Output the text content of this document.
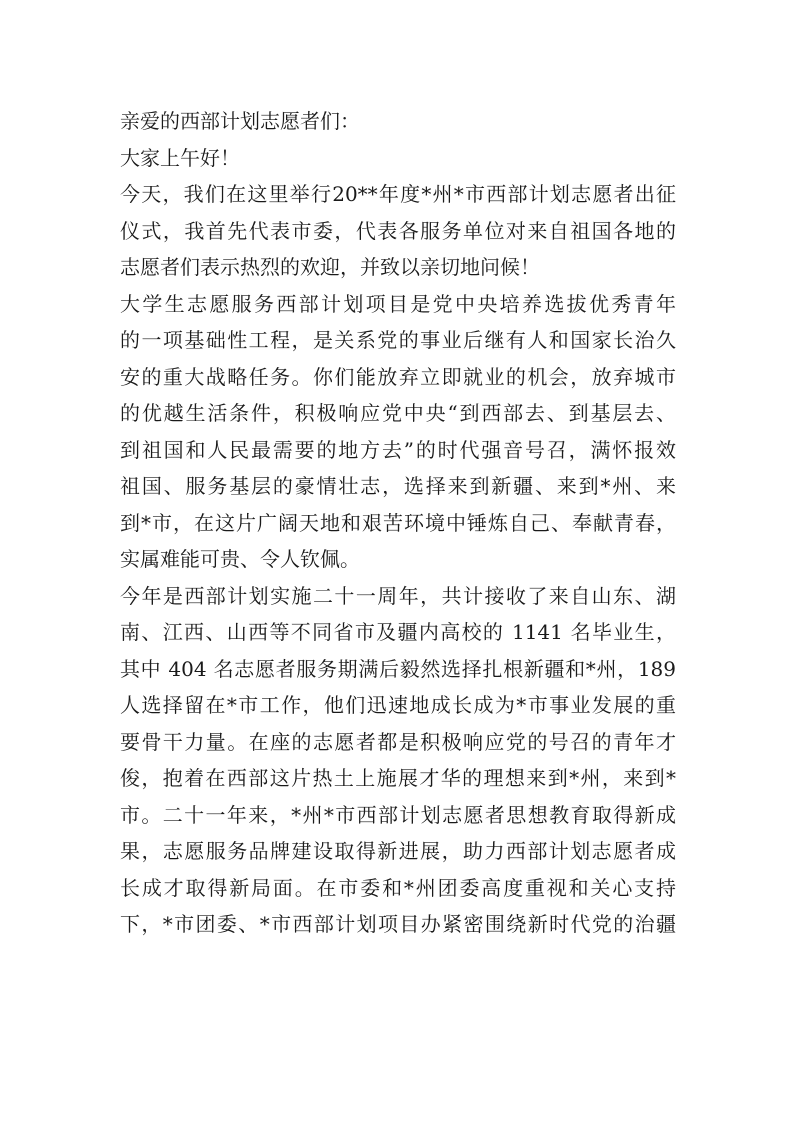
亲爱的西部计划志愿者们：
大家上午好！
今天，我们在这里举行20**年度*州*市西部计划志愿者出征
仪式，我首先代表市委，代表各服务单位对来自祖国各地的
志愿者们表示热烈的欢迎，并致以亲切地问候！
大学生志愿服务西部计划项目是党中央培养选拔优秀青年
的一项基础性工程，是关系党的事业后继有人和国家长治久
安的重大战略任务。你们能放弃立即就业的机会，放弃城市
的优越生活条件，积极响应党中央“到西部去、到基层去、
到祖国和人民最需要的地方去”的时代强音号召，满怀报效
祖国、服务基层的豪情壮志，选择来到新疆、来到*州、来
到*市，在这片广阔天地和艰苦环境中锤炼自己、奉献青春，
实属难能可贵、令人钦佩。
今年是西部计划实施二十一周年，共计接收了来自山东、湖
南、江西、山西等不同省市及疆内高校的 1141 名毕业生，
其中 404 名志愿者服务期满后毅然选择扎根新疆和*州，189
人选择留在*市工作，他们迅速地成长成为*市事业发展的重
要骨干力量。在座的志愿者都是积极响应党的号召的青年才
俊，抱着在西部这片热土上施展才华的理想来到*州，来到*
市。二十一年来，*州*市西部计划志愿者思想教育取得新成
果，志愿服务品牌建设取得新进展，助力西部计划志愿者成
长成才取得新局面。在市委和*州团委高度重视和关心支持
下，*市团委、*市西部计划项目办紧密围绕新时代党的治疆
